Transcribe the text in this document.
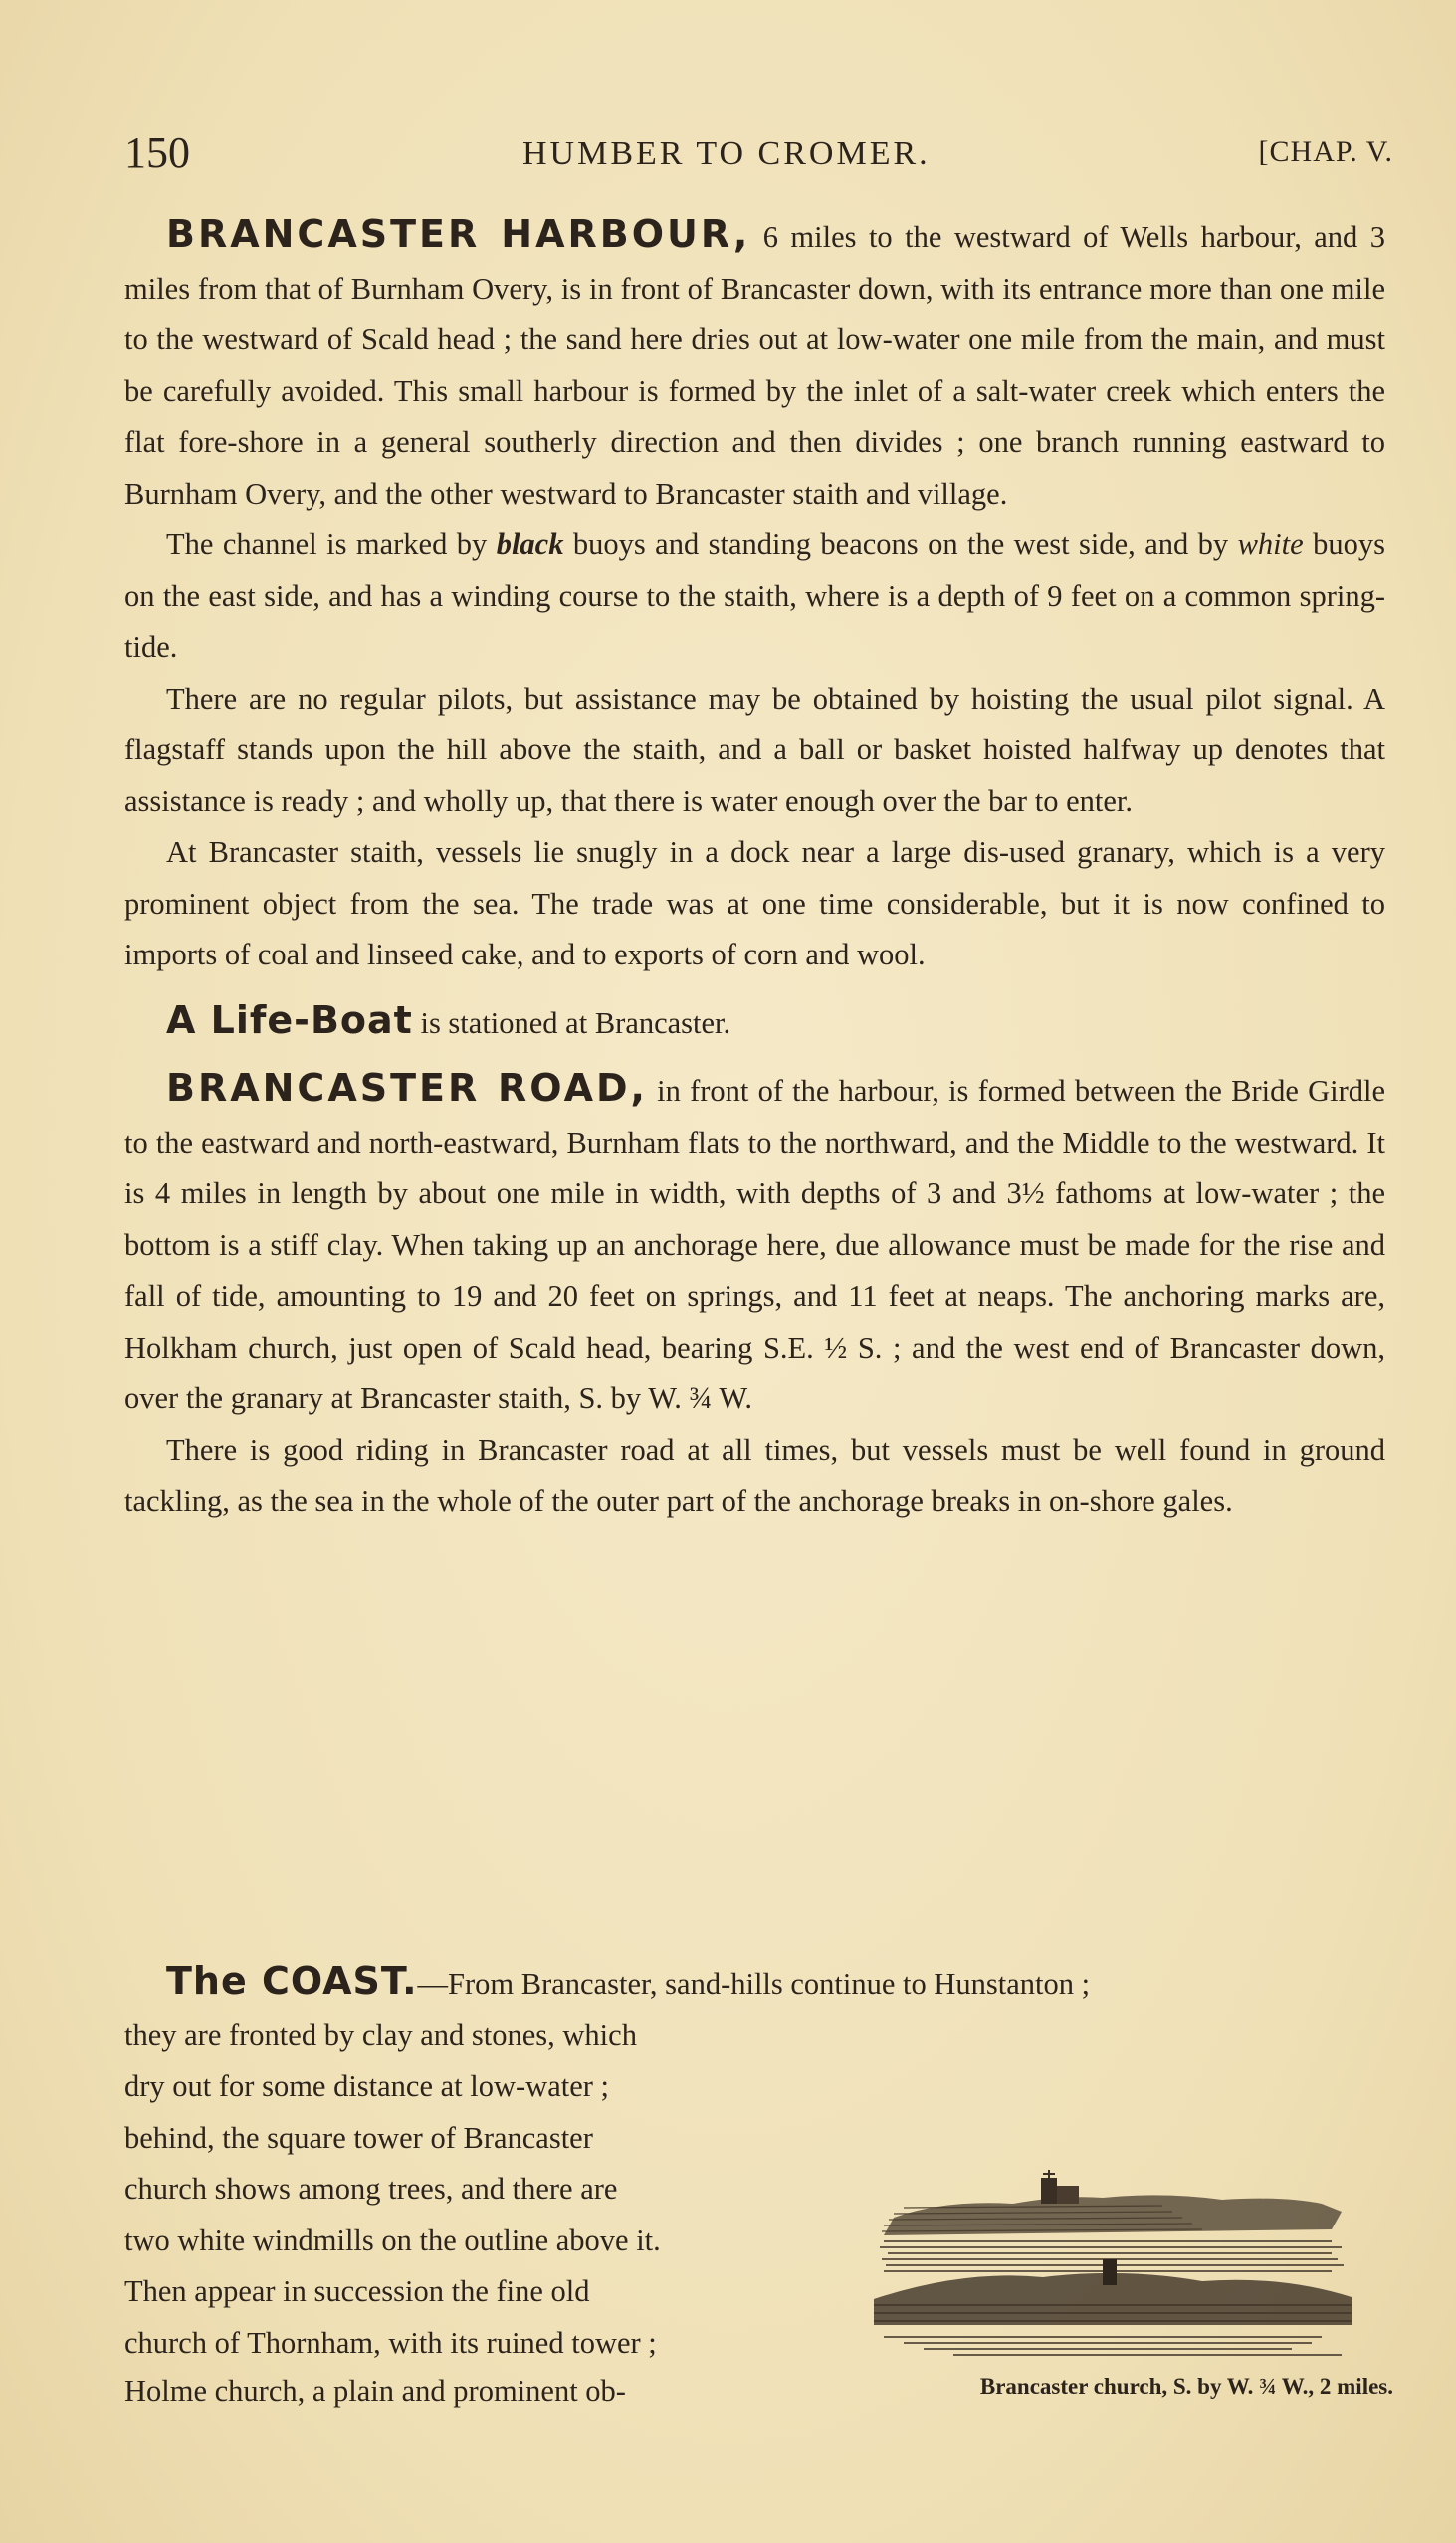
150	HUMBER TO CROMER.	[CHAP. V.

BRANCASTER HARBOUR, 6 miles to the westward of Wells harbour, and 3 miles from that of Burnham Overy, is in front of Brancaster down, with its entrance more than one mile to the westward of Scald head ; the sand here dries out at low-water one mile from the main, and must be carefully avoided. This small harbour is formed by the inlet of a salt-water creek which enters the flat fore-shore in a general southerly direction and then divides ; one branch running eastward to Burnham Overy, and the other westward to Brancaster staith and village.

The channel is marked by black buoys and standing beacons on the west side, and by white buoys on the east side, and has a winding course to the staith, where is a depth of 9 feet on a common spring-tide.

There are no regular pilots, but assistance may be obtained by hoisting the usual pilot signal. A flagstaff stands upon the hill above the staith, and a ball or basket hoisted halfway up denotes that assistance is ready ; and wholly up, that there is water enough over the bar to enter.

At Brancaster staith, vessels lie snugly in a dock near a large dis-used granary, which is a very prominent object from the sea. The trade was at one time considerable, but it is now confined to imports of coal and linseed cake, and to exports of corn and wool.

A Life-Boat is stationed at Brancaster.

BRANCASTER ROAD, in front of the harbour, is formed between the Bride Girdle to the eastward and north-eastward, Burnham flats to the northward, and the Middle to the westward. It is 4 miles in length by about one mile in width, with depths of 3 and 3½ fathoms at low-water ; the bottom is a stiff clay. When taking up an anchorage here, due allowance must be made for the rise and fall of tide, amounting to 19 and 20 feet on springs, and 11 feet at neaps. The anchoring marks are, Holkham church, just open of Scald head, bearing S.E. ½ S. ; and the west end of Brancaster down, over the granary at Brancaster staith, S. by W. ¾ W.

There is good riding in Brancaster road at all times, but vessels must be well found in ground tackling, as the sea in the whole of the outer part of the anchorage breaks in on-shore gales.

The COAST.—From Brancaster, sand-hills continue to Hunstanton ;

they are fronted by clay and stones, which
dry out for some distance at low-water ;
behind, the square tower of Brancaster
church shows among trees, and there are
two white windmills on the outline above it.
Then appear in succession the fine old
church of Thornham, with its ruined tower ;
Holme church, a plain and prominent ob-	Brancaster church, S. by W. ¾ W., 2 miles.
